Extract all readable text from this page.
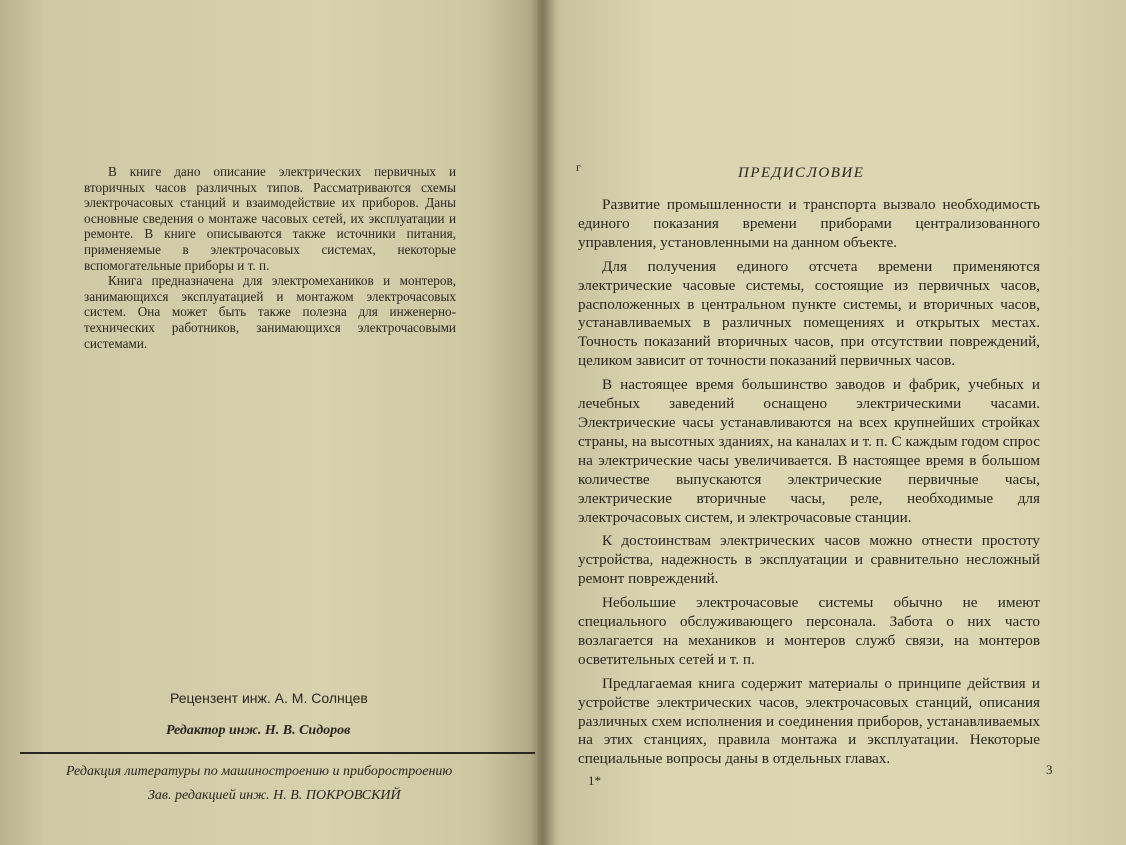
В книге дано описание электрических первичных и вторичных часов различных типов. Рассматриваются схемы электрочасовых станций и взаимодействие их приборов. Даны основные сведения о монтаже часовых сетей, их эксплуатации и ремонте. В книге описываются также источники питания, применяемые в электрочасовых системах, некоторые вспомогательные приборы и т. п.

Книга предназначена для электромехаников и монтеров, занимающихся эксплуатацией и монтажом электрочасовых систем. Она может быть также полезна для инженерно-технических работников, занимающихся электрочасовыми системами.

Рецензент инж. А. М. Солнцев
Редактор инж. Н. В. Сидоров
Редакция литературы по машиностроению и приборостроению
Зав. редакцией инж. Н. В. ПОКРОВСКИЙ
г	ПРЕДИСЛОВИЕ

Развитие промышленности и транспорта вызвало необходимость единого показания времени приборами централизованного управления, установленными на данном объекте.

Для получения единого отсчета времени применяются электрические часовые системы, состоящие из первичных часов, расположенных в центральном пункте системы, и вторичных часов, устанавливаемых в различных помещениях и открытых местах. Точность показаний вторичных часов, при отсутствии повреждений, целиком зависит от точности показаний первичных часов.

В настоящее время большинство заводов и фабрик, учебных и лечебных заведений оснащено электрическими часами. Электрические часы устанавливаются на всех крупнейших стройках страны, на высотных зданиях, на каналах и т. п. С каждым годом спрос на электрические часы увеличивается. В настоящее время в большом количестве выпускаются электрические первичные часы, электрические вторичные часы, реле, необходимые для электрочасовых систем, и электрочасовые станции.

К достоинствам электрических часов можно отнести простоту устройства, надежность в эксплуатации и сравнительно несложный ремонт повреждений.

Небольшие электрочасовые системы обычно не имеют специального обслуживающего персонала. Забота о них часто возлагается на механиков и монтеров служб связи, на монтеров осветительных сетей и т. п.

Предлагаемая книга содержит материалы о принципе действия и устройстве электрических часов, электрочасовых станций, описания различных схем исполнения и соединения приборов, устанавливаемых на этих станциях, правила монтажа и эксплуатации. Некоторые специальные вопросы даны в отдельных главах.

1*
3
